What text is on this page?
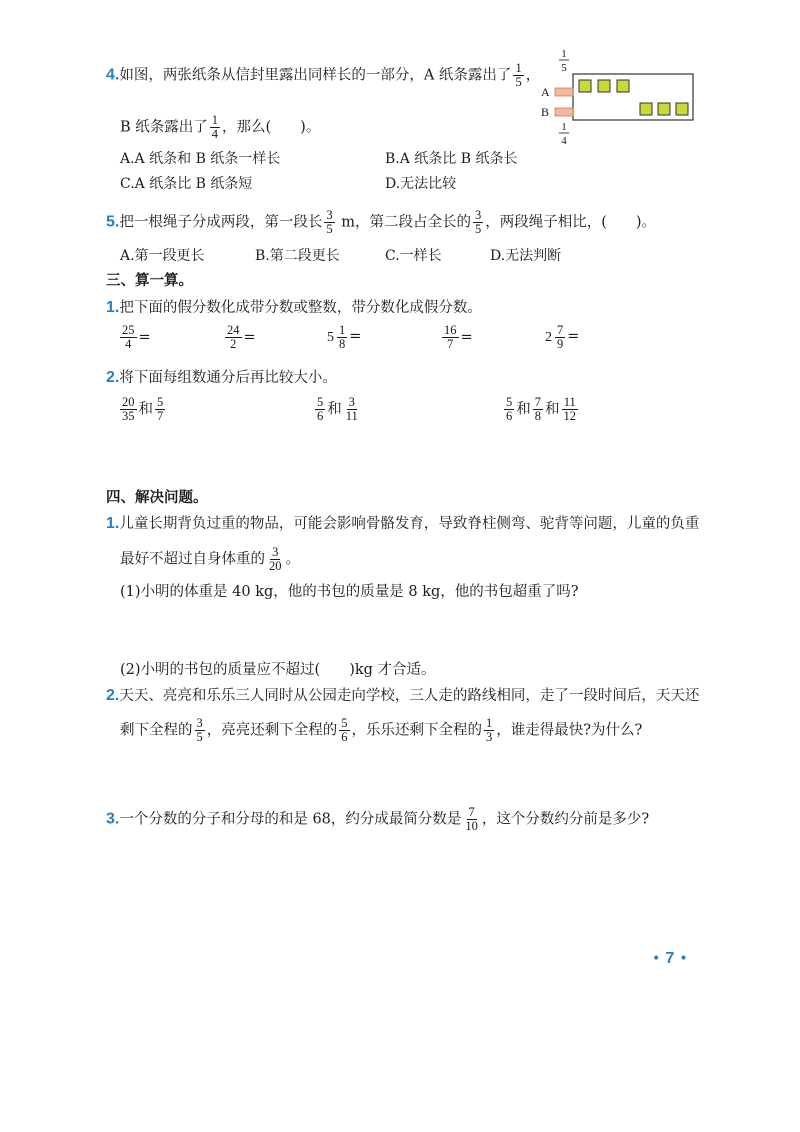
4.如图，两张纸条从信封里露出同样长的一部分，A 纸条露出了 $\frac{1}{5}$ ，
B 纸条露出了 $\frac{1}{4}$ ，那么(　　)。
A.A 纸条和 B 纸条一样长	B.A 纸条比 B 纸条长
C.A 纸条比 B 纸条短	D.无法比较
A
B
1
5
1
4
5.把一根绳子分成两段，第一段长 $\frac{3}{5}$ m，第二段占全长的 $\frac{3}{5}$ ，两段绳子相比，(　　)。
A.第一段更长	B.第二段更长	C.一样长	D.无法判断
三、算一算。
1.把下面的假分数化成带分数或整数，带分数化成假分数。
$\frac{25}{4}$ =	$\frac{24}{2}$ =	$5 \frac{1}{8}$ =	$\frac{16}{7}$ =	$2 \frac{7}{9}$ =
2.将下面每组数通分后再比较大小。
$\frac{20}{35}$ 和 $\frac{5}{7}$	$\frac{5}{6}$ 和 $\frac{3}{11}$	$\frac{5}{6}$ 和 $\frac{7}{8}$ 和 $\frac{11}{12}$
四、解决问题。
1.儿童长期背负过重的物品，可能会影响骨骼发育，导致脊柱侧弯、驼背等问题，儿童的负重
最好不超过自身体重的 $\frac{3}{20}$ 。
(1)小明的体重是 40 kg，他的书包的质量是 8 kg，他的书包超重了吗?
(2)小明的书包的质量应不超过(　　)kg 才合适。
2.天天、亮亮和乐乐三人同时从公园走向学校，三人走的路线相同，走了一段时间后，天天还
剩下全程的 $\frac{3}{5}$ ，亮亮还剩下全程的 $\frac{5}{6}$ ，乐乐还剩下全程的 $\frac{1}{3}$ ，谁走得最快?为什么?
3.一个分数的分子和分母的和是 68，约分成最简分数是 $\frac{7}{10}$ ，这个分数约分前是多少?
• 7 •
